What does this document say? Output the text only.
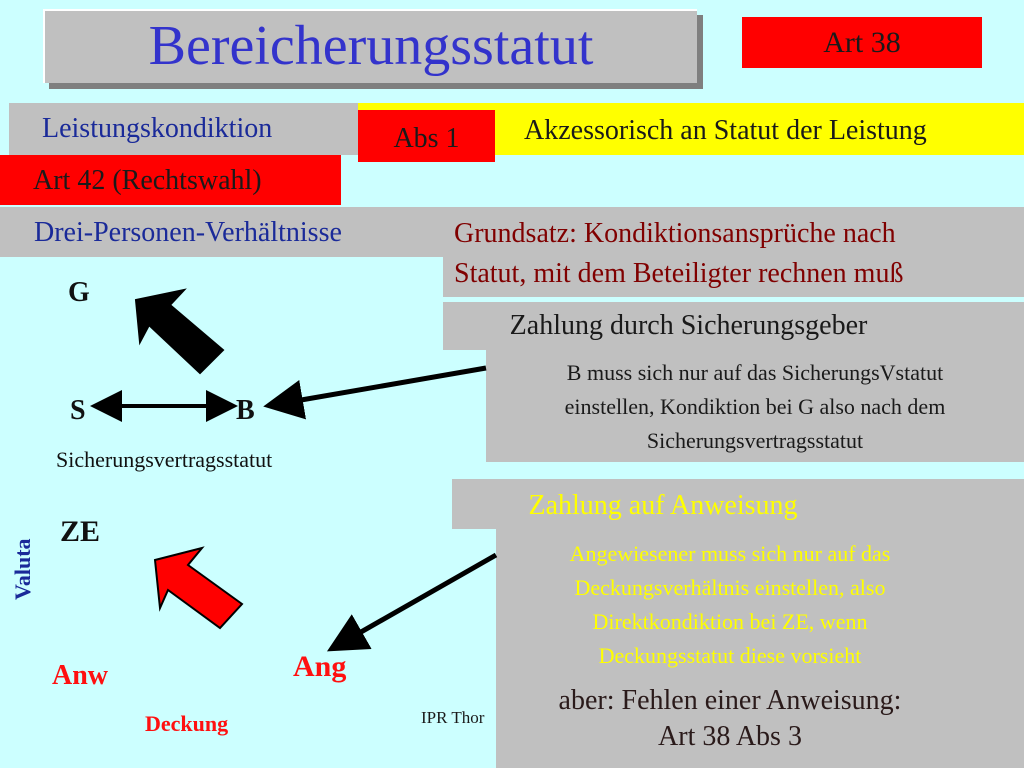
Bereicherungsstatut	Art 38
Leistungskondiktion	Akzessorisch an Statut der Leistung
Abs 1
Art 42 (Rechtswahl)
Drei-Personen-Verhältnisse	Grundsatz: Kondiktionsansprüche nach
Statut, mit dem Beteiligter rechnen muß
Zahlung durch Sicherungsgeber
B muss sich nur auf das SicherungsVstatut
einstellen, Kondiktion bei G also nach dem
Sicherungsvertragsstatut
Zahlung auf Anweisung
Angewiesener muss sich nur auf das
Deckungsverhältnis einstellen, also
Direktkondiktion bei ZE, wenn
Deckungsstatut diese vorsieht
aber: Fehlen einer Anweisung:
Art 38 Abs 3
IPR Thor
G
S	B
Sicherungsvertragsstatut
ZE
Valuta
Anw	Ang
Deckung
